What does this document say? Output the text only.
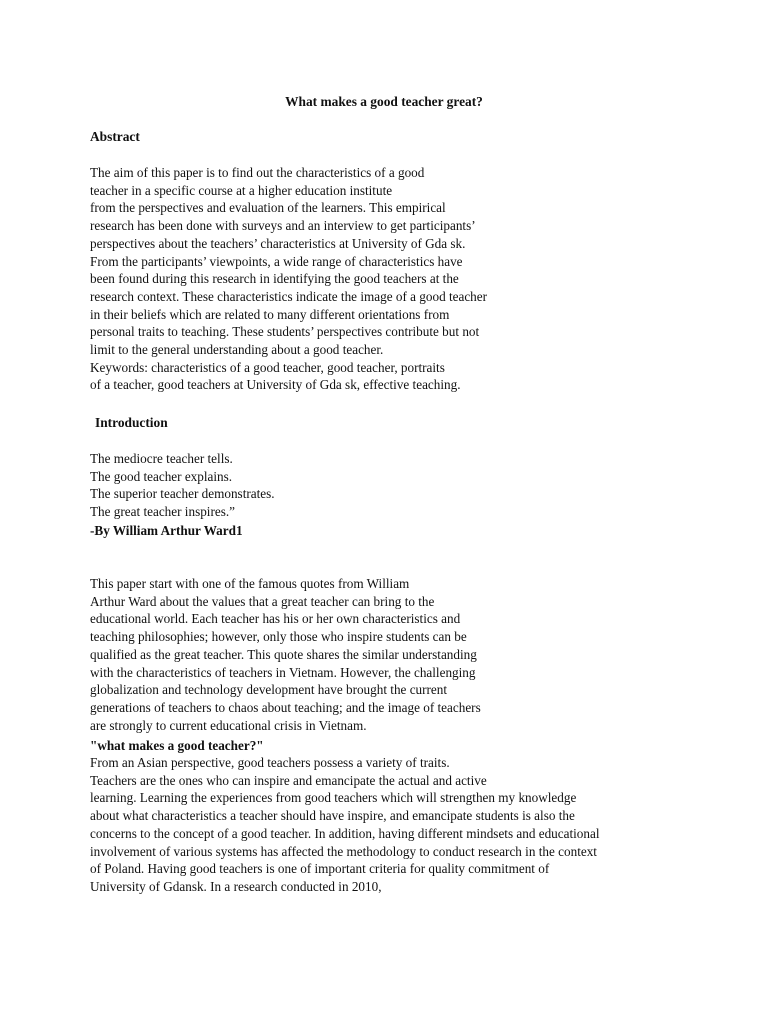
What makes a good teacher great?
Abstract
The aim of this paper is to find out the characteristics of a good
teacher in a specific course at a higher education institute
from the perspectives and evaluation of the learners. This empirical
research has been done with surveys and an interview to get participants’
perspectives about the teachers’ characteristics at University of Gda sk.
From the participants’ viewpoints, a wide range of characteristics have
been found during this research in identifying the good teachers at the
research context. These characteristics indicate the image of a good teacher
in their beliefs which are related to many different orientations from
personal traits to teaching. These students’ perspectives contribute but not
limit to the general understanding about a good teacher.
Keywords: characteristics of a good teacher, good teacher, portraits
of a teacher, good teachers at University of Gda sk, effective teaching.
Introduction
The mediocre teacher tells.
The good teacher explains.
The superior teacher demonstrates.
The great teacher inspires.”
-By William Arthur Ward1
This paper start with one of the famous quotes from William
Arthur Ward about the values that a great teacher can bring to the
educational world. Each teacher has his or her own characteristics and
teaching philosophies; however, only those who inspire students can be
qualified as the great teacher. This quote shares the similar understanding
with the characteristics of teachers in Vietnam. However, the challenging
globalization and technology development have brought the current
generations of teachers to chaos about teaching; and the image of teachers
are strongly to current educational crisis in Vietnam.
"what makes a good teacher?"
From an Asian perspective, good teachers possess a variety of traits.
Teachers are the ones who can inspire and emancipate the actual and active
learning. Learning the experiences from good teachers which will strengthen my knowledge
about what characteristics a teacher should have inspire, and emancipate students is also the
concerns to the concept of a good teacher. In addition, having different mindsets and educational
involvement of various systems has affected the methodology to conduct research in the context
of Poland. Having good teachers is one of important criteria for quality commitment of
University of Gdansk. In a research conducted in 2010,
